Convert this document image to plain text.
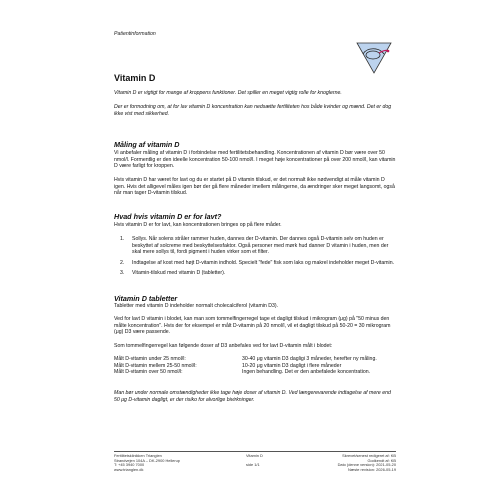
Patientinformation
Vitamin D

Vitamin D er vigtigt for mange af kroppens funktioner. Det spiller en meget vigtig rolle for knoglerne.

Der er formodning om, at for lav vitamin D koncentration kan nedsætte fertiliteten hos både kvinder og mænd. Det er dog ikke vist med sikkerhed.

Måling af vitamin D

Vi anbefaler måling af vitamin D i forbindelse med fertilitetsbehandling. Koncentrationen af vitamin D bør være over 50 nmol/l. Formentlig er den ideelle koncentration 50-100 nmol/l. I meget høje koncentrationer på over 200 nmol/l, kan vitamin D være farligt for kroppen.

Hvis vitamin D har været for lavt og du er startet på D vitamin tilskud, er det normalt ikke nødvendigt at måle vitamin D igen. Hvis det alligevel måles igen bør der gå flere måneder imellem målingerne, da ændringer sker meget langsomt, også når man tager D-vitamin tilskud.

Hvad hvis vitamin D er for lavt?

Hvis vitamin D er for lavt, kan koncentrationen bringes op på flere måder.

1. Sollys. Når solens stråler rammer huden, dannes der D-vitamin. Der dannes også D-vitamin selv om huden er beskyttet af solcreme med beskyttelsesfaktor. Også personer med mørk hud danner D vitamin i huden, men der skal mere sollys til, fordi pigment i huden virker som et filter.
2. Indtagelse af kost med højt D-vitamin indhold. Specielt "fede" fisk som laks og makrel indeholder meget D-vitamin.
3. Vitamin-tilskud med vitamin D (tabletter).
Vitamin D tabletter

Tabletter med vitamin D indeholder normalt cholecalciferol (vitamin D3).

Ved for lavt D vitamin i blodet, kan man som tommelfingerregel tage et dagligt tilskud i mikrogram (μg) på "50 minus den målte koncentration". Hvis der for eksempel er målt D-vitamin på 20 nmol/l, vil et dagligt tilskud på 50-20 = 30 mikrogram (μg) D3 være passende.

Som tommelfingerregel kan følgende doser af D3 anbefales ved for lavt D-vitamin målt i blodet:

Målt D-vitamin under 25 nmol/l:	30-40 μg vitamin D3 dagligi 3 måneder, herefter ny måling.
Målt D-vitamin mellem 25-50 nmol/l:	10-20 μg vitamin D3 dagligt i flere måneder
Målt D-vitamin over 50 nmol/l:	Ingen behandling. Det er den anbefalede koncentration.

Man bør under normale omstændigheder ikke tage høje doser af vitamin D. Ved længerevarende indtagelse af mere end 50 μg D-vitamin dagligt, er der risiko for alvorlige bivirkninger.

Fertilitetsklinikken Trianglen
Strandvejen 104A – DK-2900 Hellerup
T: +45 3940 7000
www.trianglen.dk
Vitamin D

side 1/1
Skrevet/senest redigeret af: KB
Godkendt af: KB
Dato (denne version): 2021-05-20
Næste revision: 2026-05-19
